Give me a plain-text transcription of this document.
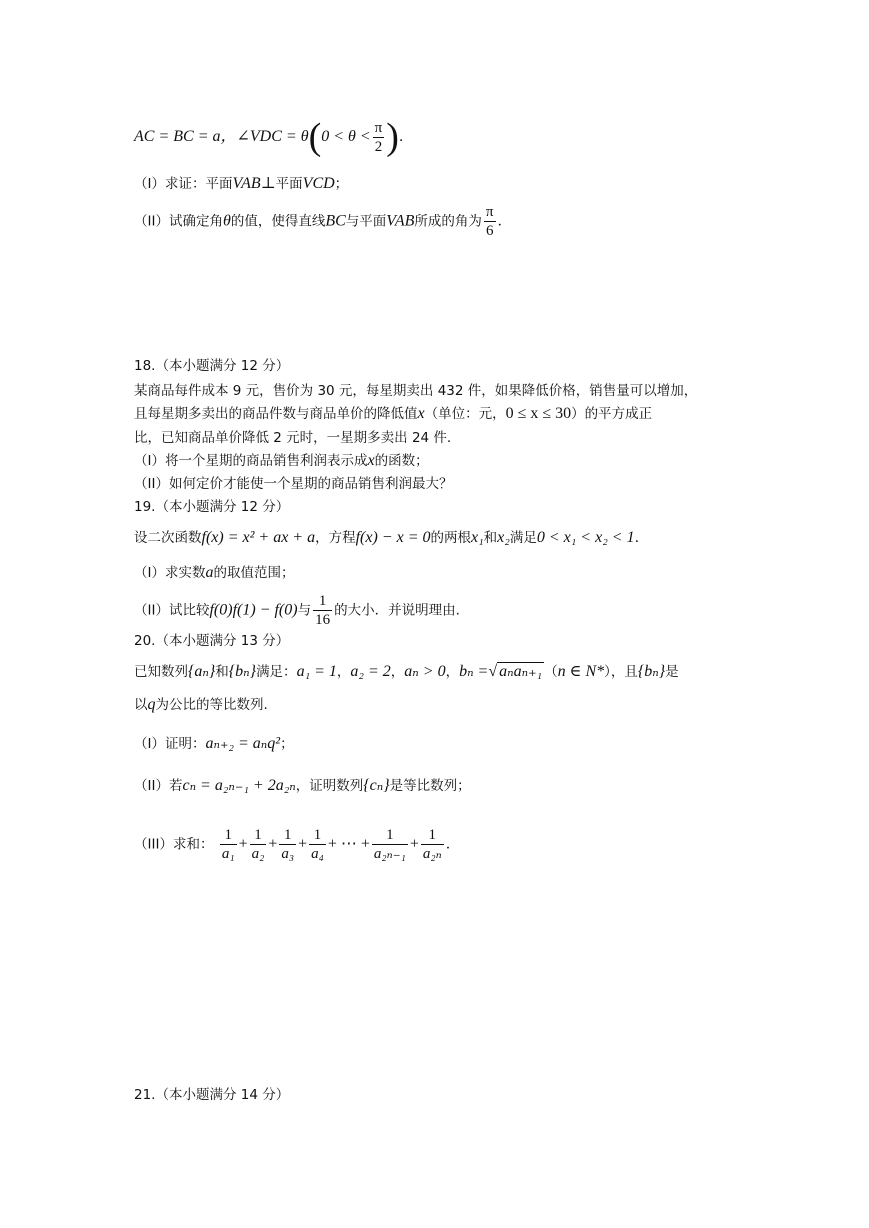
AC = BC = a，∠VDC = $\theta(0 < \theta < \frac{\pi}{2}$ ).
（I）求证：平面VAB⊥平面VCD；
（II）试确定角θ的值，使得直线BC与平面VAB所成的角为 $\frac{\pi}{6}$ .
18.（本小题满分 12 分）
某商品每件成本 9 元，售价为 30 元，每星期卖出 432 件，如果降低价格，销售量可以增加，
且每星期多卖出的商品件数与商品单价的降低值x（单位：元，0 ≤ x ≤ 30）的平方成正
比，已知商品单价降低 2 元时，一星期多卖出 24 件.
（I）将一个星期的商品销售利润表示成x的函数；
（II）如何定价才能使一个星期的商品销售利润最大？
19.（本小题满分 12 分）
设二次函数f(x) = x² + ax + a，方程f(x) − x = 0的两根x₁和x₂满足0 < x₁ < x₂ < 1.
（I）求实数a的取值范围；
（II）试比较f(0)f(1) − f(0)与 $\frac{1}{16}$ 的大小．并说明理由.
20.（本小题满分 13 分）
已知数列{aₙ}和{bₙ}满足：a₁ = 1，a₂ = 2，aₙ > 0，bₙ =√ aₙaₙ₊₁ （n ∈ N*），且{bₙ}是
以q为公比的等比数列.
（I）证明：aₙ₊₂ = aₙq²；
（II）若cₙ = a₂ₙ₋₁ + 2a₂ₙ，证明数列{cₙ}是等比数列；
（III）求和： $\frac{1}{\text{a₁}} + \frac{1}{\text{a₂}} + \frac{1}{\text{a₃}} + \frac{1}{\text{a₄}}$ + ⋯ + $\frac{1}{\text{a₂ₙ₋₁}} + \frac{1}{\text{a₂ₙ}}$ .
21.（本小题满分 14 分）
